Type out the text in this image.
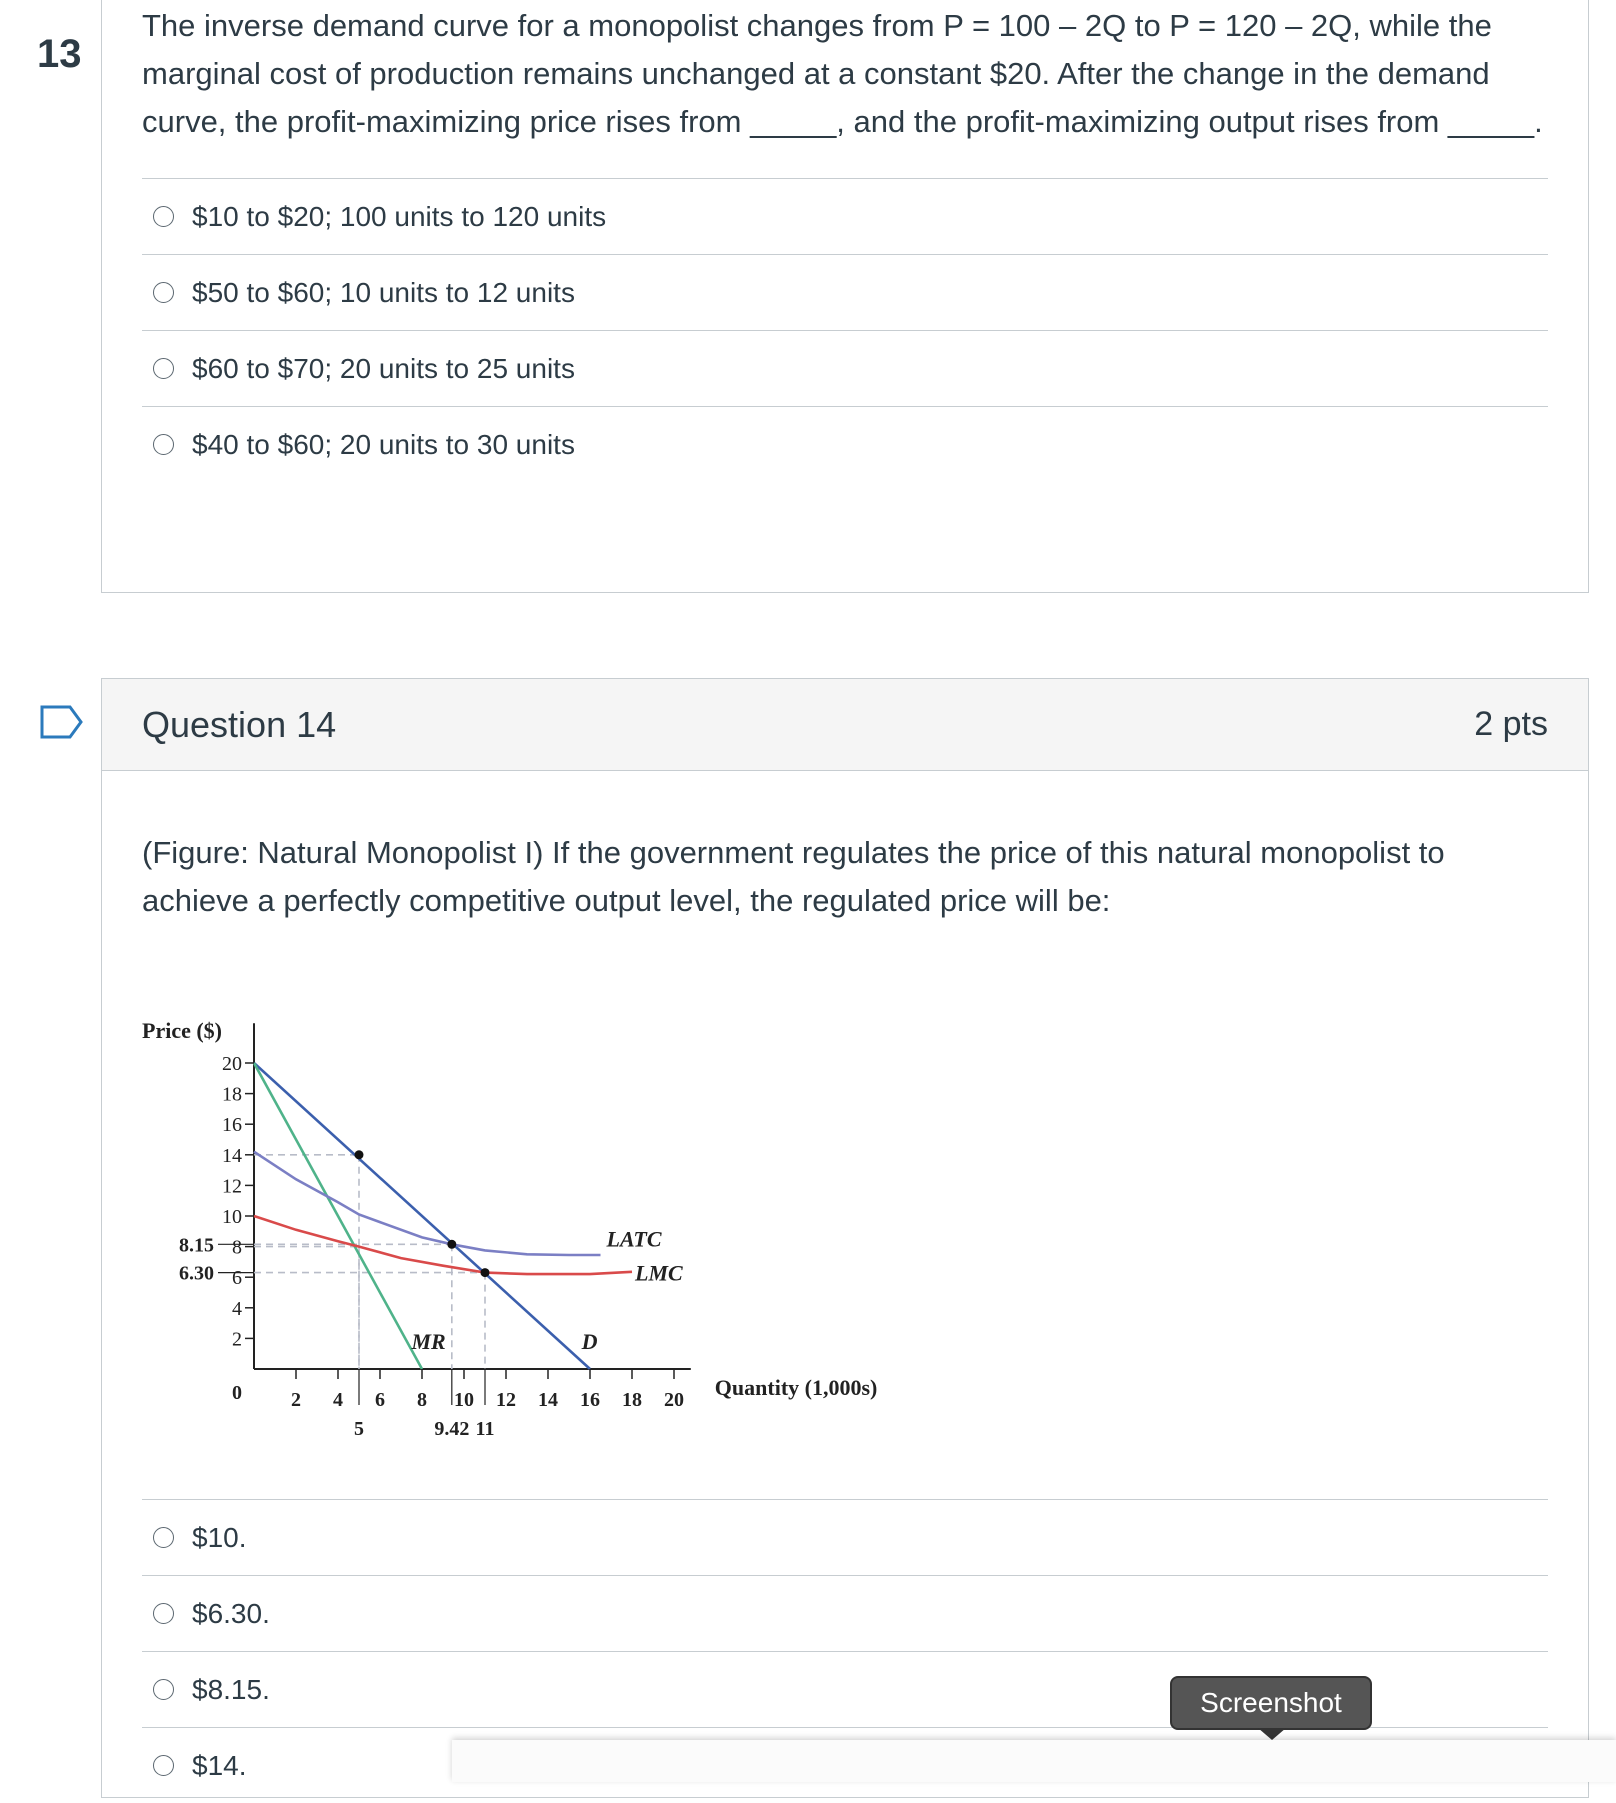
13
The inverse demand curve for a monopolist changes from P = 100 – 2Q to P = 120 – 2Q, while the marginal cost of production remains unchanged at a constant $20. After the change in the demand curve, the profit-maximizing price rises from _____, and the profit-maximizing output rises from _____.
$10 to $20; 100 units to 120 units
$50 to $60; 10 units to 12 units
$60 to $70; 20 units to 25 units
$40 to $60; 20 units to 30 units
Question 14	2 pts
(Figure: Natural Monopolist I) If the government regulates the price of this natural monopolist to achieve a perfectly competitive output level, the regulated price will be:
2
4
6
8
10
12
14
16
18
20
8.15
6.30
2 4 6 8 10 12 14 16 18 20
5	9.42 11
0
Price ($)
Quantity (1,000s)
D
MR
LATC
LMC
$10.
$6.30.
$8.15.
$14.
Screenshot
